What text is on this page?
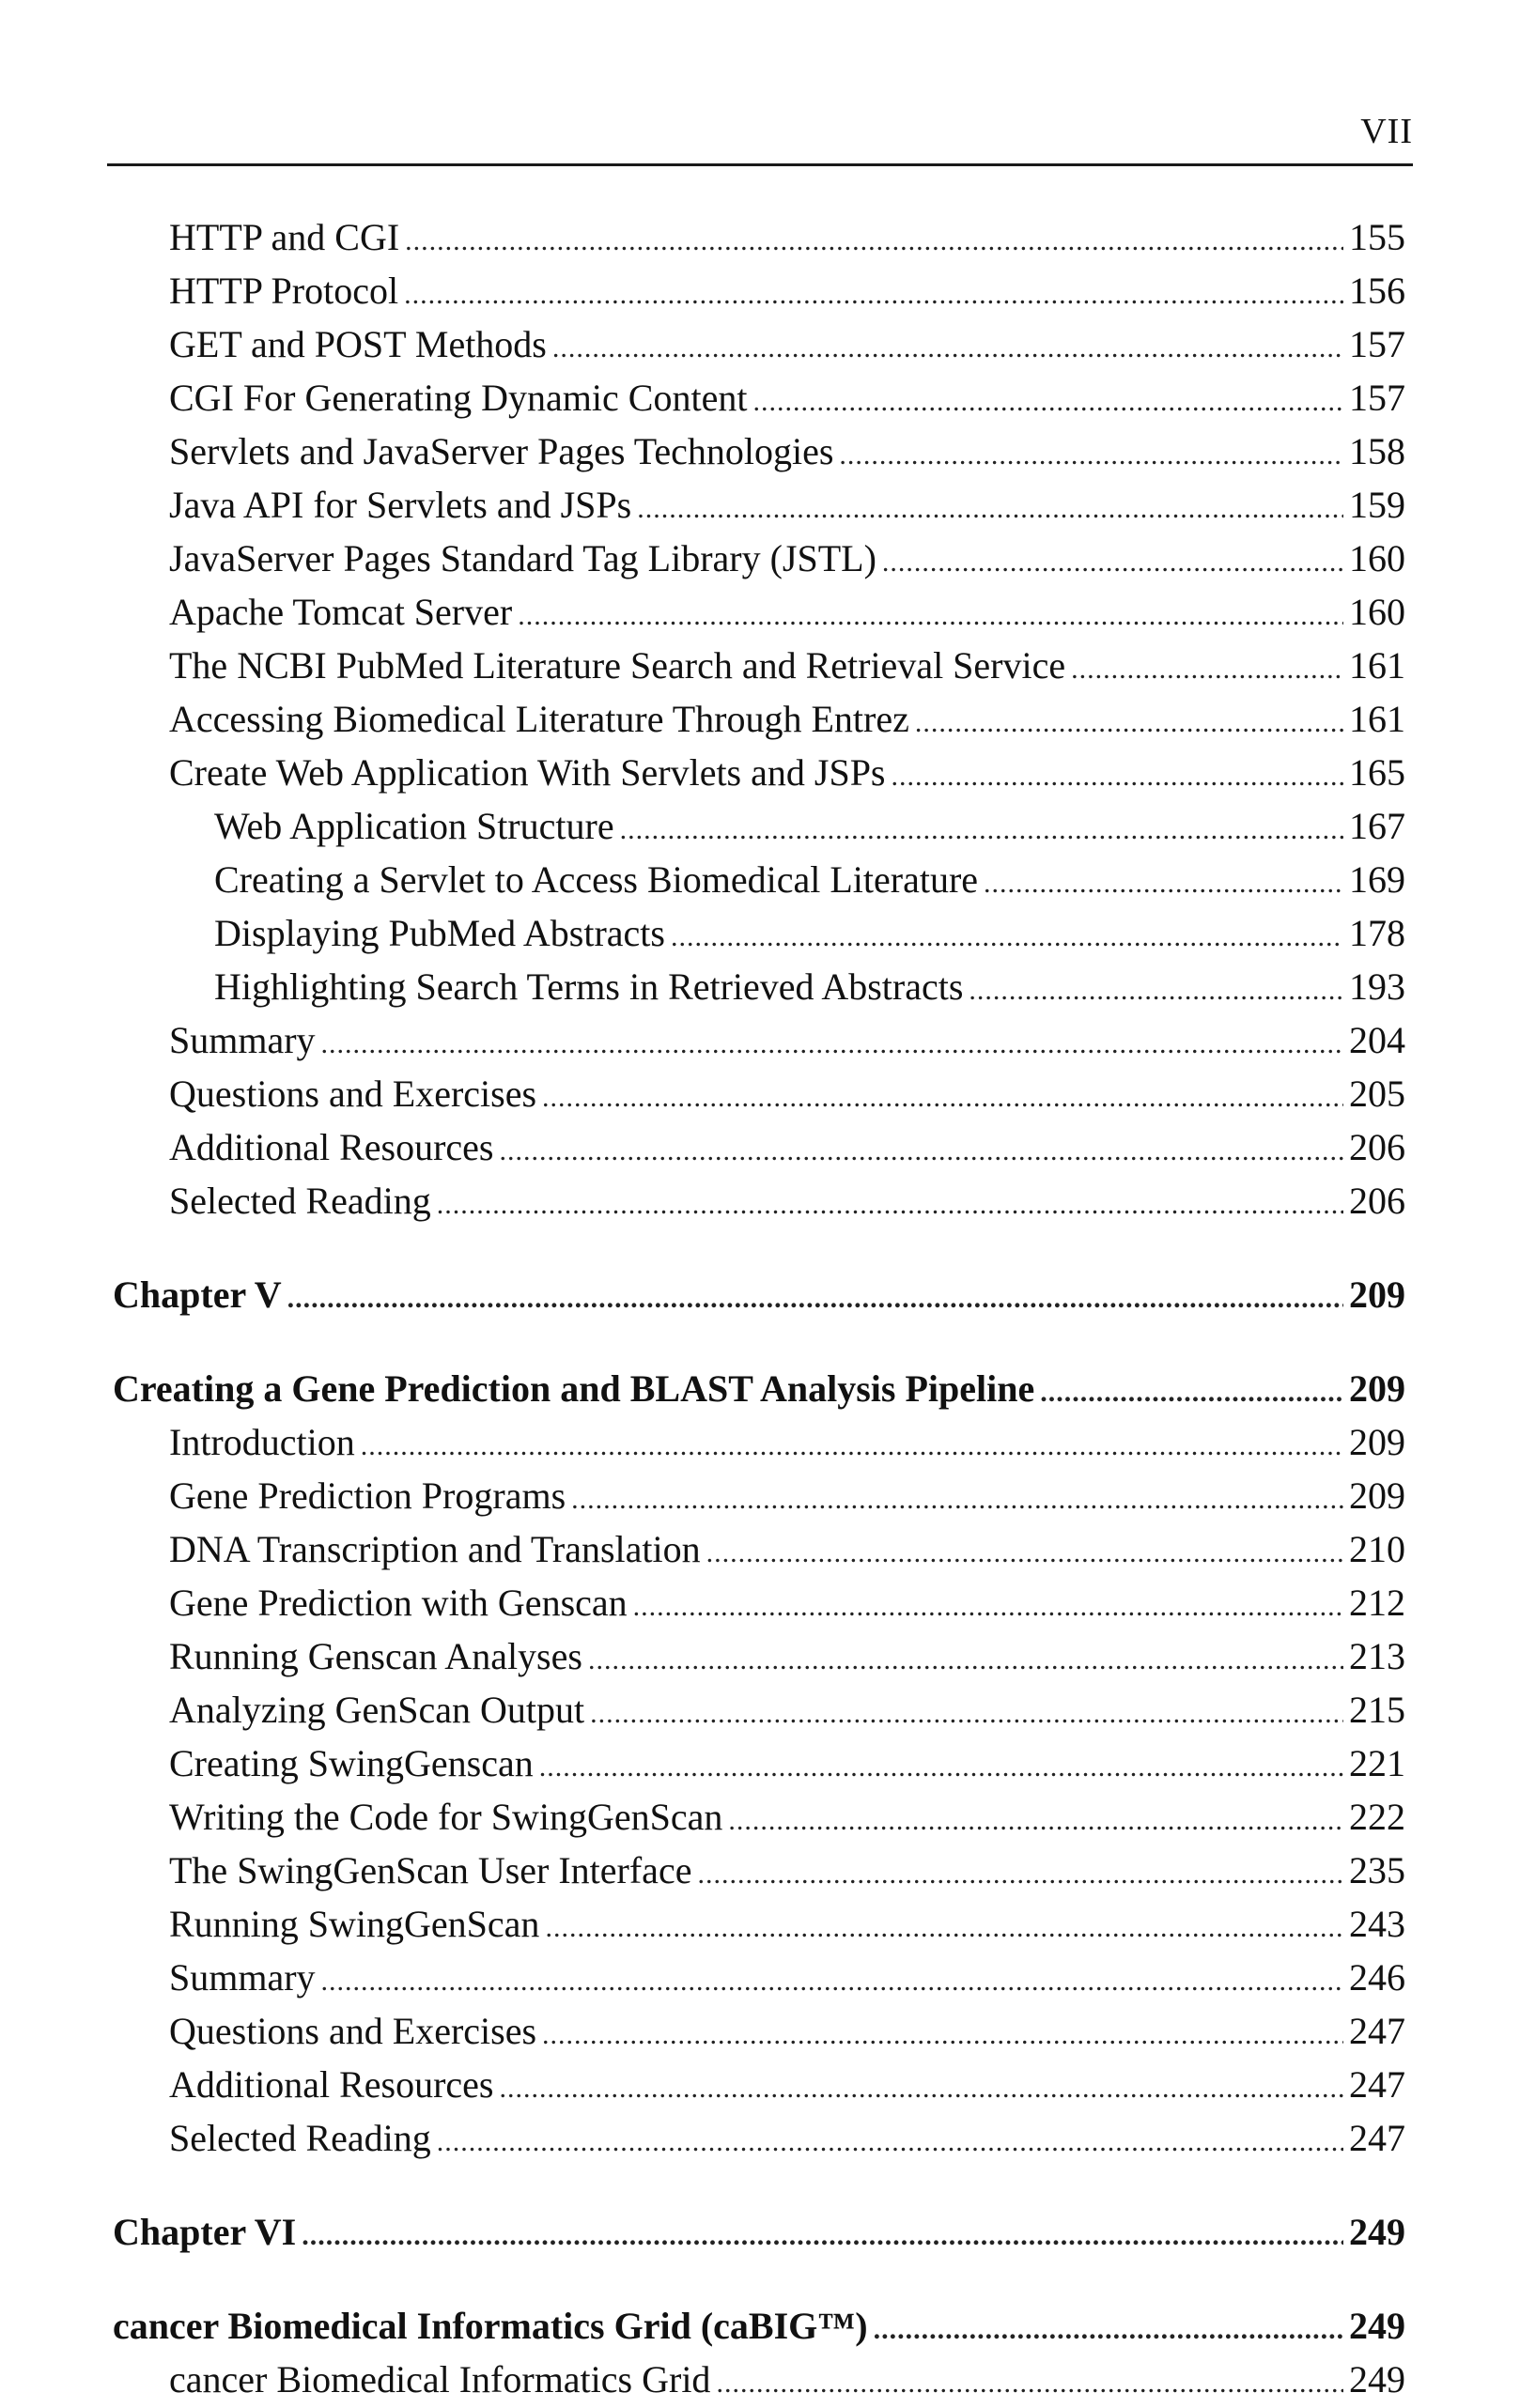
VII
HTTP and CGI .....	155
HTTP Protocol .....	156
GET and POST Methods .....	157
CGI For Generating Dynamic Content .....	157
Servlets and JavaServer Pages Technologies .....	158
Java API for Servlets and JSPs .....	159
JavaServer Pages Standard Tag Library (JSTL) .....	160
Apache Tomcat Server .....	160
The NCBI PubMed Literature Search and Retrieval Service .....	161
Accessing Biomedical Literature Through Entrez .....	161
Create Web Application With Servlets and JSPs .....	165
Web Application Structure .....	167
Creating a Servlet to Access Biomedical Literature .....	169
Displaying PubMed Abstracts .....	178
Highlighting Search Terms in Retrieved Abstracts .....	193
Summary .....	204
Questions and Exercises .....	205
Additional Resources .....	206
Selected Reading .....	206
Chapter V .....	209
Creating a Gene Prediction and BLAST Analysis Pipeline .....	209
Introduction .....	209
Gene Prediction Programs .....	209
DNA Transcription and Translation .....	210
Gene Prediction with Genscan .....	212
Running Genscan Analyses .....	213
Analyzing GenScan Output .....	215
Creating SwingGenscan .....	221
Writing the Code for SwingGenScan .....	222
The SwingGenScan User Interface .....	235
Running SwingGenScan .....	243
Summary .....	246
Questions and Exercises .....	247
Additional Resources .....	247
Selected Reading .....	247
Chapter VI .....	249
cancer Biomedical Informatics Grid (caBIG™) .....	249
cancer Biomedical Informatics Grid .....	249
